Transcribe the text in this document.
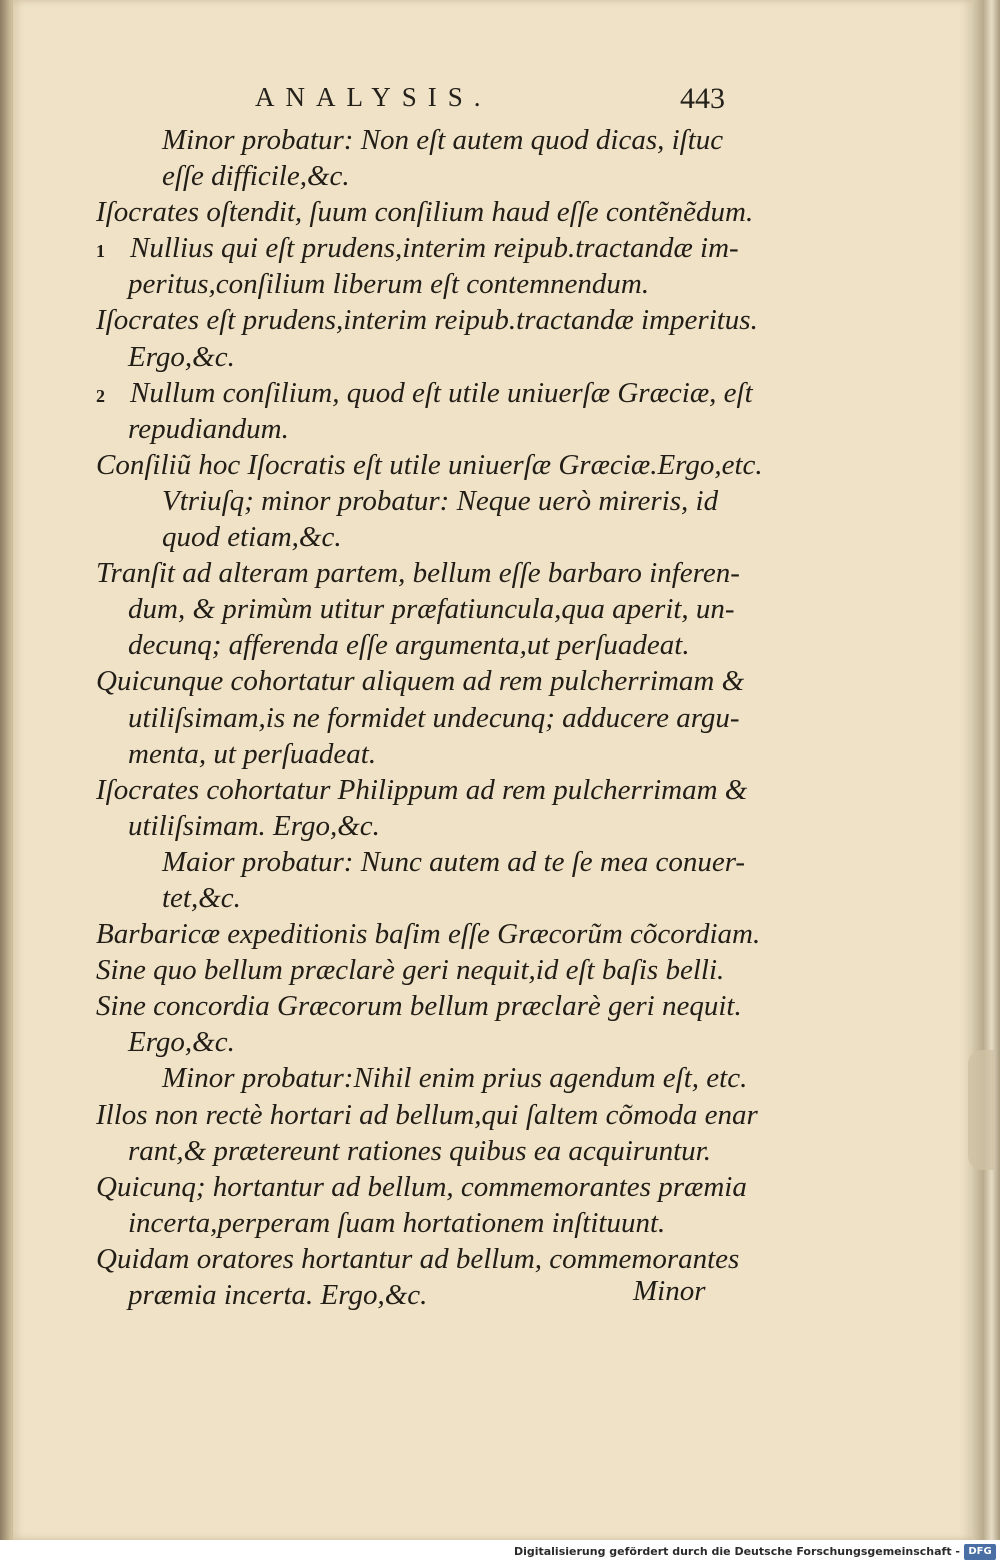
ANALYSIS.	443
Minor probatur: Non eſt autem quod dicas, iſtuc
eſſe difficile,&c.
Iſocrates oſtendit, ſuum conſilium haud eſſe contẽnẽdum.
1 Nullius qui eſt prudens,interim reipub.tractandæ im-
peritus,conſilium liberum eſt contemnendum.
Iſocrates eſt prudens,interim reipub.tractandæ imperitus.
Ergo,&c.
2 Nullum conſilium, quod eſt utile uniuerſæ Græciæ, eſt
repudiandum.
Conſiliũ hoc Iſocratis eſt utile uniuerſæ Græciæ.Ergo,etc.
Vtriuſq; minor probatur: Neque uerò mireris, id
quod etiam,&c.
Tranſit ad alteram partem, bellum eſſe barbaro inferen-
dum, & primùm utitur præfatiuncula,qua aperit, un-
decunq; afferenda eſſe argumenta,ut perſuadeat.
Quicunque cohortatur aliquem ad rem pulcherrimam &
utiliſsimam,is ne formidet undecunq; adducere argu-
menta, ut perſuadeat.
Iſocrates cohortatur Philippum ad rem pulcherrimam &
utiliſsimam. Ergo,&c.
Maior probatur: Nunc autem ad te ſe mea conuer-
tet,&c.
Barbaricæ expeditionis baſim eſſe Græcorũm cõcordiam.
Sine quo bellum præclarè geri nequit,id eſt baſis belli.
Sine concordia Græcorum bellum præclarè geri nequit.
Ergo,&c.
Minor probatur:Nihil enim prius agendum eſt, etc.
Illos non rectè hortari ad bellum,qui ſaltem cõmoda enar
rant,& prætereunt rationes quibus ea acquiruntur.
Quicunq; hortantur ad bellum, commemorantes præmia
incerta,perperam ſuam hortationem inſtituunt.
Quidam oratores hortantur ad bellum, commemorantes
præmia incerta. Ergo,&c.	Minor
Digitalisierung gefördert durch die Deutsche Forschungsgemeinschaft - DFG
